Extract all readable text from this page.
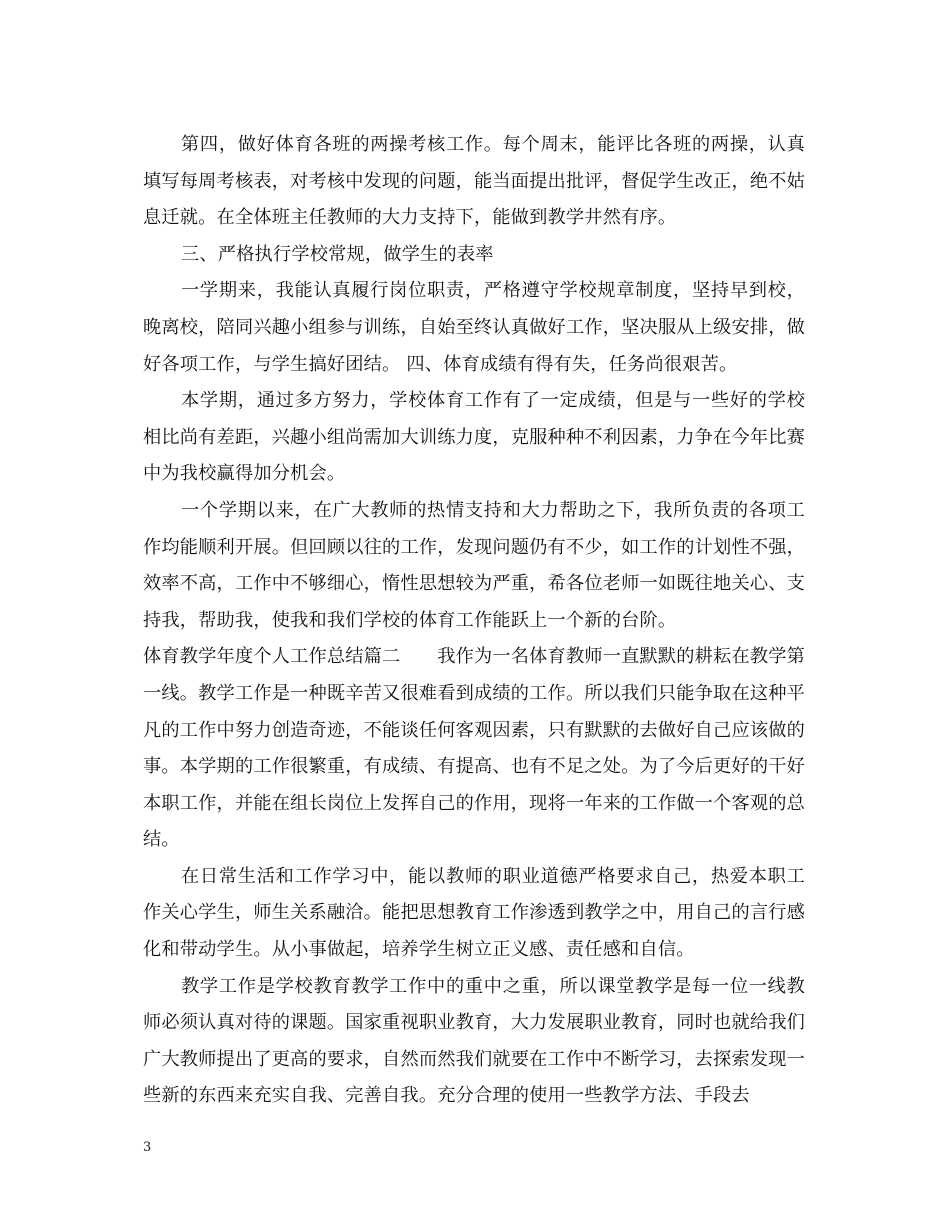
第四，做好体育各班的两操考核工作。每个周末，能评比各班的两操，认真填写每周考核表，对考核中发现的问题，能当面提出批评，督促学生改正，绝不姑息迁就。在全体班主任教师的大力支持下，能做到教学井然有序。

三、严格执行学校常规，做学生的表率

一学期来，我能认真履行岗位职责，严格遵守学校规章制度，坚持早到校，晚离校，陪同兴趣小组参与训练，自始至终认真做好工作，坚决服从上级安排，做好各项工作，与学生搞好团结。 四、体育成绩有得有失，任务尚很艰苦。

本学期，通过多方努力，学校体育工作有了一定成绩，但是与一些好的学校相比尚有差距，兴趣小组尚需加大训练力度，克服种种不利因素，力争在今年比赛中为我校赢得加分机会。

一个学期以来，在广大教师的热情支持和大力帮助之下，我所负责的各项工作均能顺利开展。但回顾以往的工作，发现问题仍有不少，如工作的计划性不强，效率不高，工作中不够细心，惰性思想较为严重，希各位老师一如既往地关心、支持我，帮助我，使我和我们学校的体育工作能跃上一个新的台阶。

体育教学年度个人工作总结篇二　　我作为一名体育教师一直默默的耕耘在教学第一线。教学工作是一种既辛苦又很难看到成绩的工作。所以我们只能争取在这种平凡的工作中努力创造奇迹，不能谈任何客观因素，只有默默的去做好自己应该做的事。本学期的工作很繁重，有成绩、有提高、也有不足之处。为了今后更好的干好本职工作，并能在组长岗位上发挥自己的作用，现将一年来的工作做一个客观的总结。

在日常生活和工作学习中，能以教师的职业道德严格要求自己，热爱本职工作关心学生，师生关系融洽。能把思想教育工作渗透到教学之中，用自己的言行感化和带动学生。从小事做起，培养学生树立正义感、责任感和自信。

教学工作是学校教育教学工作中的重中之重，所以课堂教学是每一位一线教师必须认真对待的课题。国家重视职业教育，大力发展职业教育，同时也就给我们广大教师提出了更高的要求，自然而然我们就要在工作中不断学习，去探索发现一些新的东西来充实自我、完善自我。充分合理的使用一些教学方法、手段去

3
